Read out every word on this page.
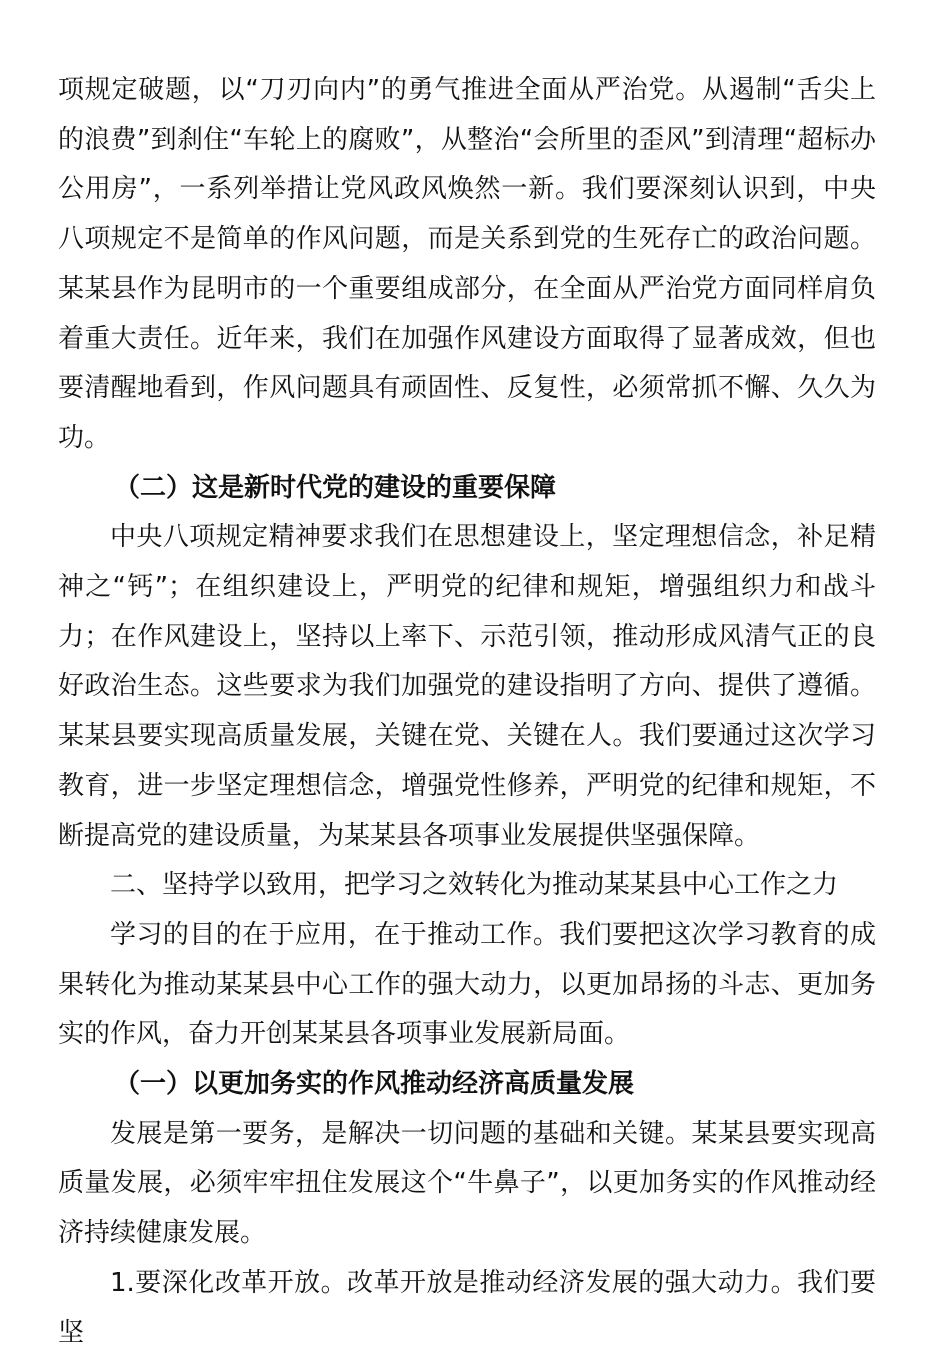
项规定破题，以“刀刃向内”的勇气推进全面从严治党。从遏制“舌尖上的浪费”到刹住“车轮上的腐败”，从整治“会所里的歪风”到清理“超标办公用房”，一系列举措让党风政风焕然一新。我们要深刻认识到，中央八项规定不是简单的作风问题，而是关系到党的生死存亡的政治问题。某某县作为昆明市的一个重要组成部分，在全面从严治党方面同样肩负着重大责任。近年来，我们在加强作风建设方面取得了显著成效，但也要清醒地看到，作风问题具有顽固性、反复性，必须常抓不懈、久久为功。

（二）这是新时代党的建设的重要保障

中央八项规定精神要求我们在思想建设上，坚定理想信念，补足精神之“钙”；在组织建设上，严明党的纪律和规矩，增强组织力和战斗力；在作风建设上，坚持以上率下、示范引领，推动形成风清气正的良好政治生态。这些要求为我们加强党的建设指明了方向、提供了遵循。某某县要实现高质量发展，关键在党、关键在人。我们要通过这次学习教育，进一步坚定理想信念，增强党性修养，严明党的纪律和规矩，不断提高党的建设质量，为某某县各项事业发展提供坚强保障。

二、坚持学以致用，把学习之效转化为推动某某县中心工作之力

学习的目的在于应用，在于推动工作。我们要把这次学习教育的成果转化为推动某某县中心工作的强大动力，以更加昂扬的斗志、更加务实的作风，奋力开创某某县各项事业发展新局面。

（一）以更加务实的作风推动经济高质量发展

发展是第一要务，是解决一切问题的基础和关键。某某县要实现高质量发展，必须牢牢扭住发展这个“牛鼻子”，以更加务实的作风推动经济持续健康发展。

1.要深化改革开放。改革开放是推动经济发展的强大动力。我们要坚
